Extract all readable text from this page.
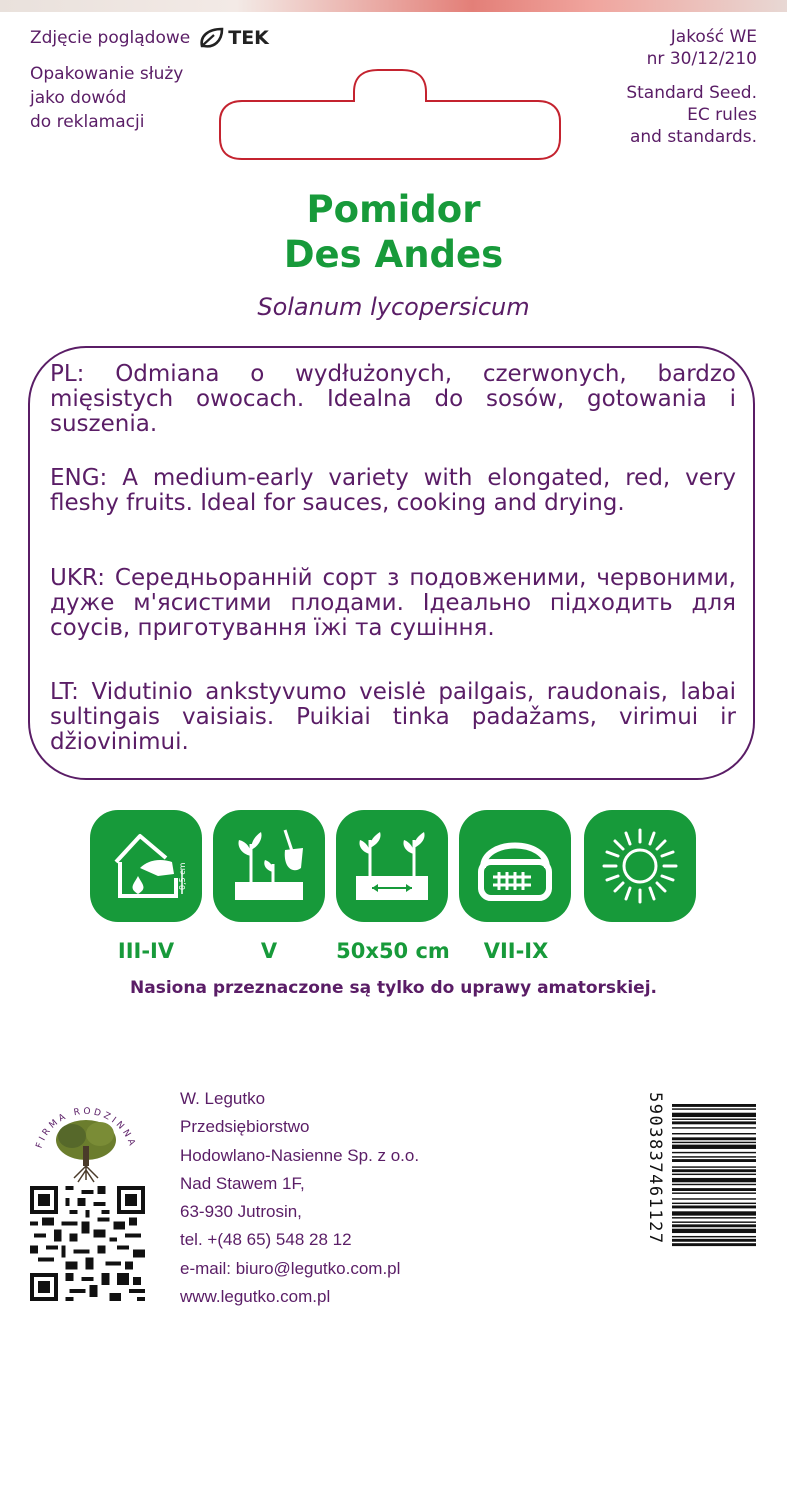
Zdjęcie poglądowe TEK
Opakowanie służy
jako dowód
do reklamacji
Jakość WE
nr 30/12/210
Standard Seed.
EC rules
and standards.
Pomidor
Des Andes
Solanum lycopersicum
PL: Odmiana o wydłużonych, czerwonych, bardzo mięsistych owocach. Idealna do sosów, gotowania i suszenia.
ENG: A medium-early variety with elongated, red, very fleshy fruits. Ideal for sauces, cooking and drying.
UKR: Середньоранній сорт з подовженими, червоними, дуже м'ясистими плодами. Ідеально підходить для соусів, приготування їжі та сушіння.
LT: Vidutinio ankstyvumo veislė pailgais, raudonais, labai sultingais vaisiais. Puikiai tinka padažams, virimui ir džiovinimui.
0,5 cm
III-IV	V	50x50 cm	VII-IX
Nasiona przeznaczone są tylko do uprawy amatorskiej.
FIRMA RODZINNA
W. Legutko
Przedsiębiorstwo
Hodowlano-Nasienne Sp. z o.o.
Nad Stawem 1F,
63-930 Jutrosin,
tel. +(48 65) 548 28 12
e-mail: biuro@legutko.com.pl
www.legutko.com.pl
5903837461127
